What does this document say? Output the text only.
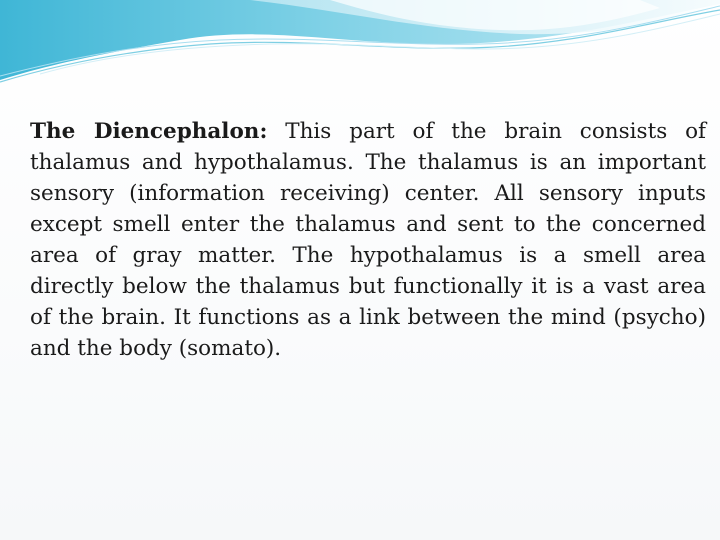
The Diencephalon: This part of the brain consists of thalamus and hypothalamus. The thalamus is an important sensory (information receiving) center. All sensory inputs except smell enter the thalamus and sent to the concerned area of gray matter. The hypothalamus is a smell area directly below the thalamus but functionally it is a vast area of the brain. It functions as a link between the mind (psycho) and the body (somato).
